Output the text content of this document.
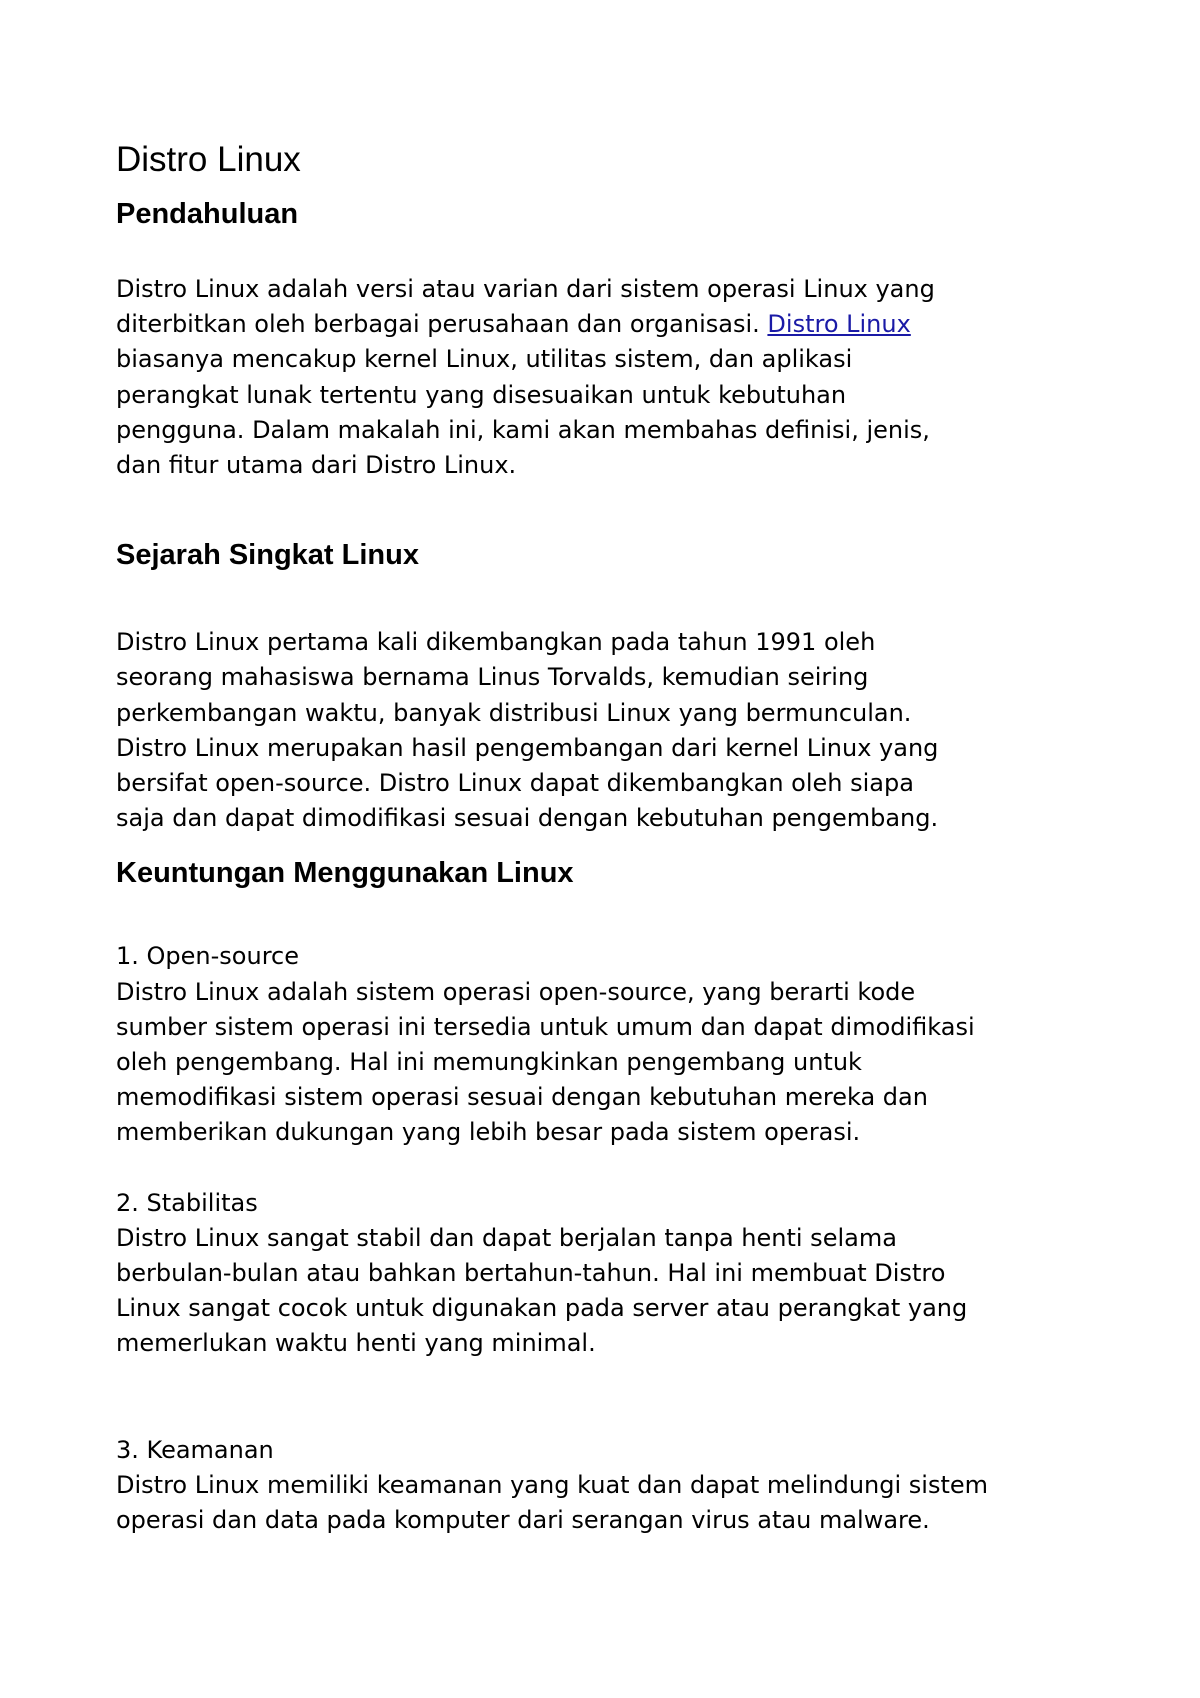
Distro Linux
Pendahuluan

Distro Linux adalah versi atau varian dari sistem operasi Linux yang
diterbitkan oleh berbagai perusahaan dan organisasi. Distro Linux
biasanya mencakup kernel Linux, utilitas sistem, dan aplikasi
perangkat lunak tertentu yang disesuaikan untuk kebutuhan
pengguna. Dalam makalah ini, kami akan membahas definisi, jenis,
dan fitur utama dari Distro Linux.

Sejarah Singkat Linux

Distro Linux pertama kali dikembangkan pada tahun 1991 oleh
seorang mahasiswa bernama Linus Torvalds, kemudian seiring
perkembangan waktu, banyak distribusi Linux yang bermunculan.
Distro Linux merupakan hasil pengembangan dari kernel Linux yang
bersifat open-source. Distro Linux dapat dikembangkan oleh siapa
saja dan dapat dimodifikasi sesuai dengan kebutuhan pengembang.

Keuntungan Menggunakan Linux
1. Open-source
Distro Linux adalah sistem operasi open-source, yang berarti kode
sumber sistem operasi ini tersedia untuk umum dan dapat dimodifikasi
oleh pengembang. Hal ini memungkinkan pengembang untuk
memodifikasi sistem operasi sesuai dengan kebutuhan mereka dan
memberikan dukungan yang lebih besar pada sistem operasi.
2. Stabilitas
Distro Linux sangat stabil dan dapat berjalan tanpa henti selama
berbulan-bulan atau bahkan bertahun-tahun. Hal ini membuat Distro
Linux sangat cocok untuk digunakan pada server atau perangkat yang
memerlukan waktu henti yang minimal.
3. Keamanan
Distro Linux memiliki keamanan yang kuat dan dapat melindungi sistem
operasi dan data pada komputer dari serangan virus atau malware.
